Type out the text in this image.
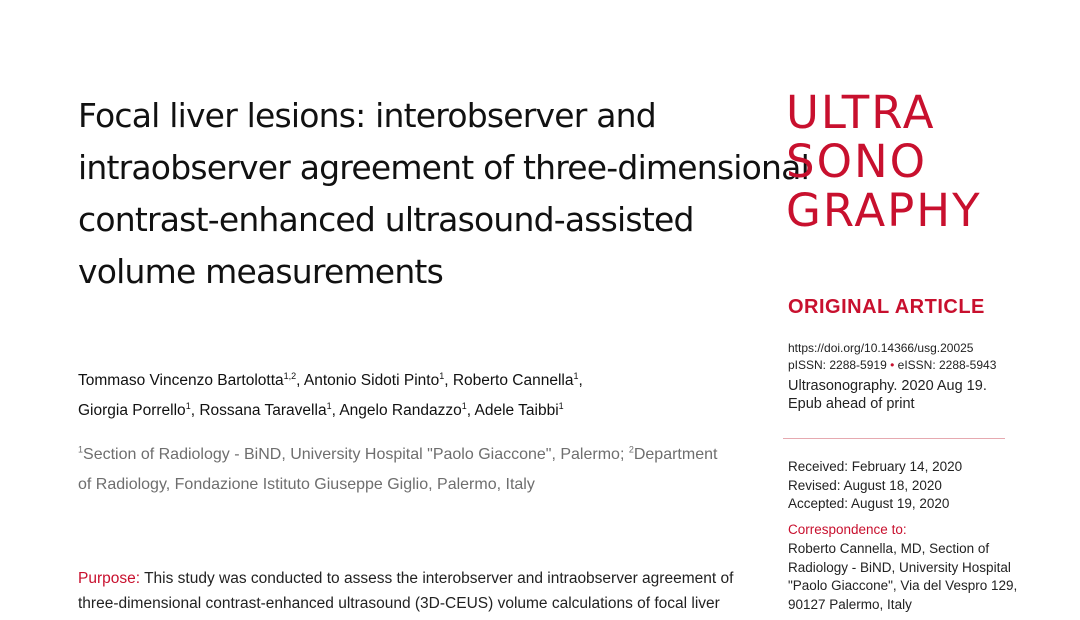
Focal liver lesions: interobserver and
intraobserver agreement of three-dimensional
contrast-enhanced ultrasound-assisted
volume measurements
Tommaso Vincenzo Bartolotta$^{1,2}$, Antonio Sidoti Pinto$^1$, Roberto Cannella$^1$,
Giorgia Porrello$^1$, Rossana Taravella$^1$, Angelo Randazzo$^1$, Adele Taibbi$^1$
$^1$Section of Radiology - BiND, University Hospital "Paolo Giaccone", Palermo; $^2$Department
of Radiology, Fondazione Istituto Giuseppe Giglio, Palermo, Italy
Purpose: This study was conducted to assess the interobserver and intraobserver agreement of
three-dimensional contrast-enhanced ultrasound (3D-CEUS) volume calculations of focal liver
ULTRA
SONO
GRAPHY
ORIGINAL ARTICLE
https://doi.org/10.14366/usg.20025
pISSN: 2288-5919 • eISSN: 2288-5943
Ultrasonography. 2020 Aug 19.
Epub ahead of print
Received: February 14, 2020
Revised: August 18, 2020
Accepted: August 19, 2020
Correspondence to:
Roberto Cannella, MD, Section of
Radiology - BiND, University Hospital
"Paolo Giaccone", Via del Vespro 129,
90127 Palermo, Italy
